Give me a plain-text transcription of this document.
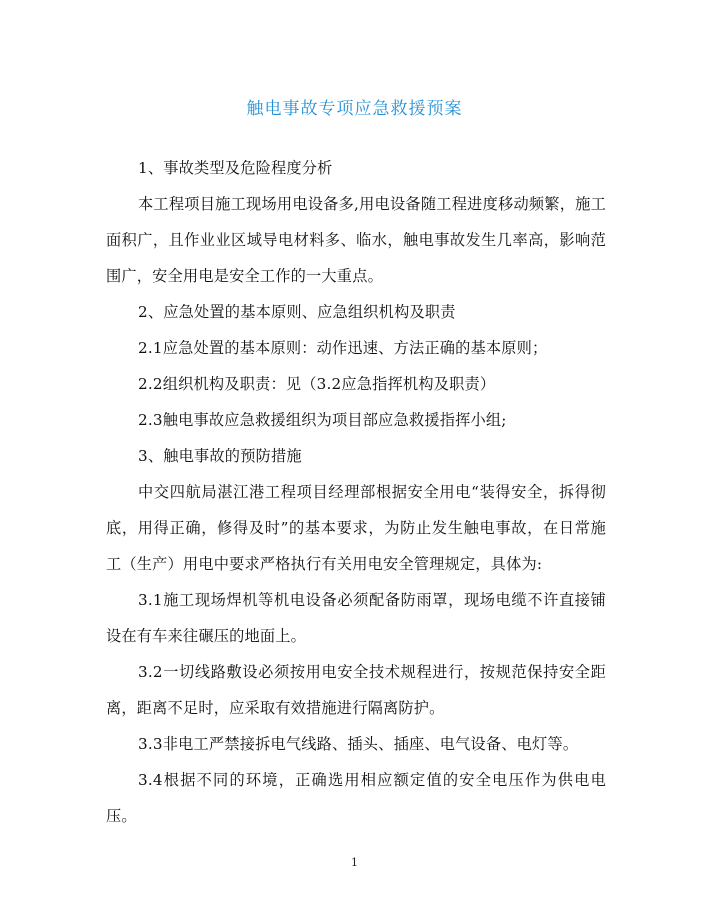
触电事故专项应急救援预案

1、事故类型及危险程度分析

本工程项目施工现场用电设备多,用电设备随工程进度移动频繁，施工面积广，且作业业区域导电材料多、临水，触电事故发生几率高，影响范围广，安全用电是安全工作的一大重点。

2、应急处置的基本原则、应急组织机构及职责

2.1应急处置的基本原则：动作迅速、方法正确的基本原则；

2.2组织机构及职责：见（3.2应急指挥机构及职责）

2.3触电事故应急救援组织为项目部应急救援指挥小组;

3、触电事故的预防措施

中交四航局湛江港工程项目经理部根据安全用电“装得安全，拆得彻底，用得正确，修得及时”的基本要求，为防止发生触电事故，在日常施工（生产）用电中要求严格执行有关用电安全管理规定，具体为:

3.1施工现场焊机等机电设备必须配备防雨罩，现场电缆不许直接铺设在有车来往碾压的地面上。

3.2一切线路敷设必须按用电安全技术规程进行，按规范保持安全距离，距离不足时，应采取有效措施进行隔离防护。

3.3非电工严禁接拆电气线路、插头、插座、电气设备、电灯等。

3.4根据不同的环境，正确选用相应额定值的安全电压作为供电电压。

1
